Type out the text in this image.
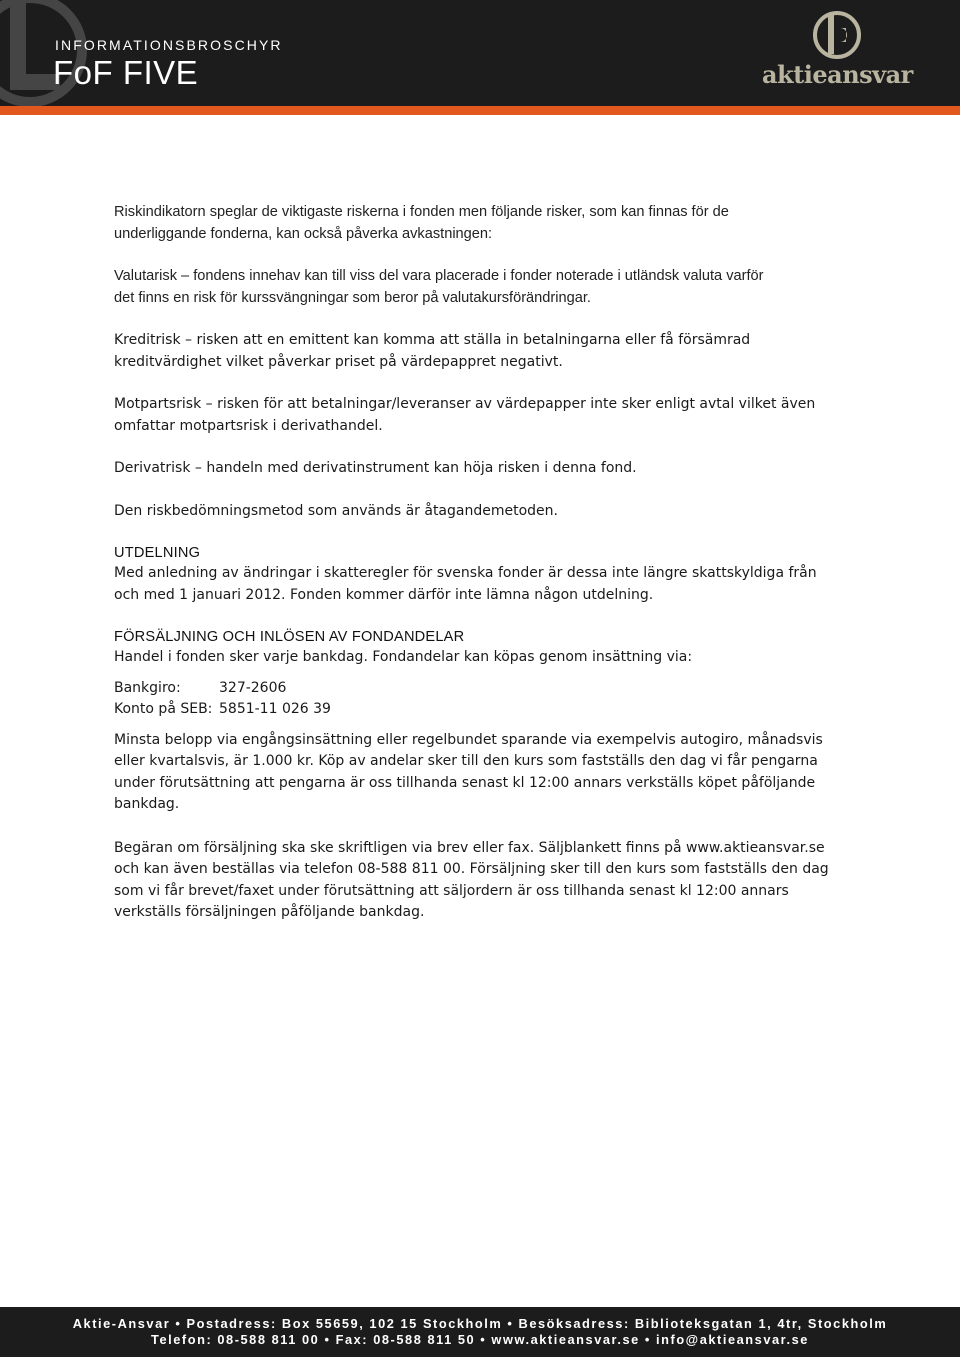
INFORMATIONSBROSCHYR
FoF FIVE	aktieansvar

Riskindikatorn speglar de viktigaste riskerna i fonden men följande risker, som kan finnas för de

underliggande fonderna, kan också påverka avkastningen:

Valutarisk – fondens innehav kan till viss del vara placerade i fonder noterade i utländsk valuta varför

det finns en risk för kurssvängningar som beror på valutakursförändringar.

Kreditrisk – risken att en emittent kan komma att ställa in betalningarna eller få försämrad

kreditvärdighet vilket påverkar priset på värdepappret negativt.

Motpartsrisk – risken för att betalningar/leveranser av värdepapper inte sker enligt avtal vilket även

omfattar motpartsrisk i derivathandel.

Derivatrisk – handeln med derivatinstrument kan höja risken i denna fond.

Den riskbedömningsmetod som används är åtagandemetoden.

UTDELNING

Med anledning av ändringar i skatteregler för svenska fonder är dessa inte längre skattskyldiga från

och med 1 januari 2012. Fonden kommer därför inte lämna någon utdelning.

FÖRSÄLJNING OCH INLÖSEN AV FONDANDELAR

Handel i fonden sker varje bankdag. Fondandelar kan köpas genom insättning via:

Bankgiro:	327-2606
Konto på SEB: 5851-11 026 39

Minsta belopp via engångsinsättning eller regelbundet sparande via exempelvis autogiro, månadsvis

eller kvartalsvis, är 1.000 kr. Köp av andelar sker till den kurs som fastställs den dag vi får pengarna

under förutsättning att pengarna är oss tillhanda senast kl 12:00 annars verkställs köpet påföljande

bankdag.

Begäran om försäljning ska ske skriftligen via brev eller fax. Säljblankett finns på www.aktieansvar.se

och kan även beställas via telefon 08-588 811 00. Försäljning sker till den kurs som fastställs den dag

som vi får brevet/faxet under förutsättning att säljordern är oss tillhanda senast kl 12:00 annars

verkställs försäljningen påföljande bankdag.

Aktie-Ansvar • Postadress: Box 55659, 102 15 Stockholm • Besöksadress: Biblioteksgatan 1, 4tr, Stockholm
Telefon: 08-588 811 00 • Fax: 08-588 811 50 • www.aktieansvar.se • info@aktieansvar.se
